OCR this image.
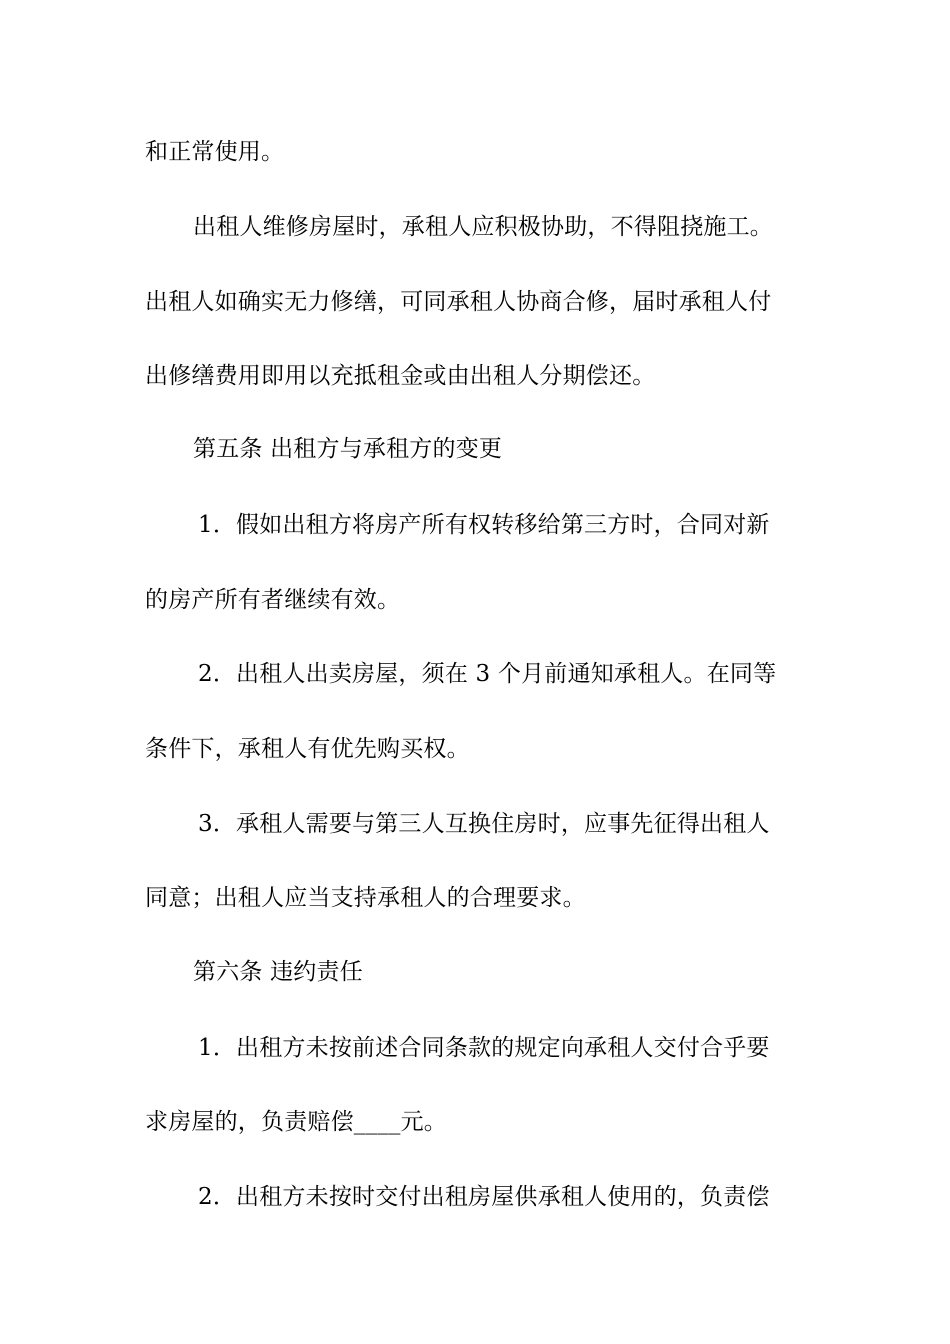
和正常使用。
出租人维修房屋时，承租人应积极协助，不得阻挠施工。
出租人如确实无力修缮，可同承租人协商合修，届时承租人付
出修缮费用即用以充抵租金或由出租人分期偿还。
第五条 出租方与承租方的变更
1．假如出租方将房产所有权转移给第三方时，合同对新
的房产所有者继续有效。
2．出租人出卖房屋，须在 3 个月前通知承租人。在同等
条件下，承租人有优先购买权。
3．承租人需要与第三人互换住房时，应事先征得出租人
同意；出租人应当支持承租人的合理要求。
第六条 违约责任
1．出租方未按前述合同条款的规定向承租人交付合乎要
求房屋的，负责赔偿____元。
2．出租方未按时交付出租房屋供承租人使用的，负责偿
